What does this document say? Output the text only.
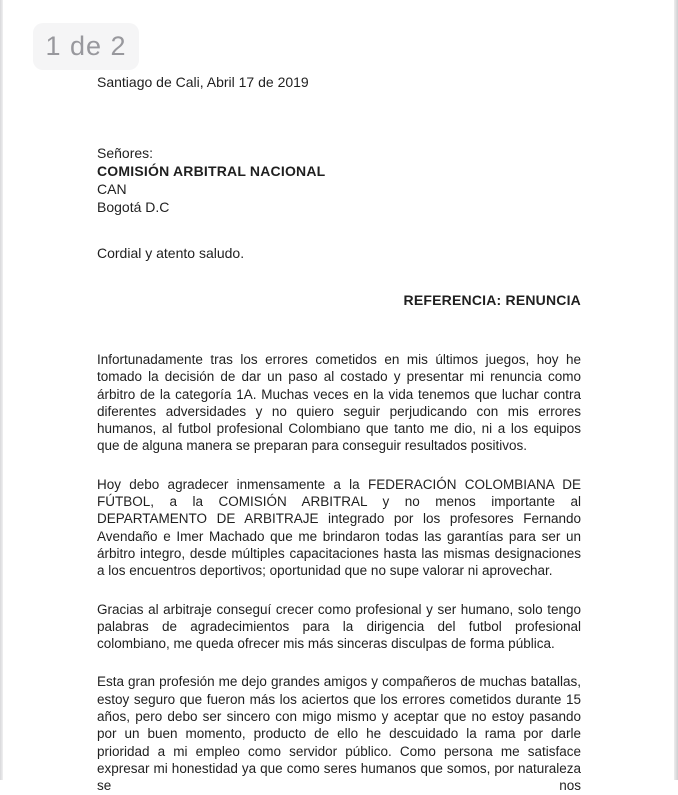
1 de 2
Santiago de Cali, Abril 17 de 2019
Señores:
COMISIÓN ARBITRAL NACIONAL
CAN
Bogotá D.C
Cordial y atento saludo.
REFERENCIA: RENUNCIA

Infortunadamente tras los errores cometidos en mis últimos juegos, hoy he tomado la decisión de dar un paso al costado y presentar mi renuncia como árbitro de la categoría 1A. Muchas veces en la vida tenemos que luchar contra diferentes adversidades y no quiero seguir perjudicando con mis errores humanos, al futbol profesional Colombiano que tanto me dio, ni a los equipos que de alguna manera se preparan para conseguir resultados positivos.

Hoy debo agradecer inmensamente a la FEDERACIÓN COLOMBIANA DE FÚTBOL, a la COMISIÓN ARBITRAL y no menos importante al DEPARTAMENTO DE ARBITRAJE integrado por los profesores Fernando Avendaño e Imer Machado que me brindaron todas las garantías para ser un árbitro integro, desde múltiples capacitaciones hasta las mismas designaciones a los encuentros deportivos; oportunidad que no supe valorar ni aprovechar.

Gracias al arbitraje conseguí crecer como profesional y ser humano, solo tengo palabras de agradecimientos para la dirigencia del futbol profesional colombiano, me queda ofrecer mis más sinceras disculpas de forma pública.

Esta gran profesión me dejo grandes amigos y compañeros de muchas batallas, estoy seguro que fueron más los aciertos que los errores cometidos durante 15 años, pero debo ser sincero con migo mismo y aceptar que no estoy pasando por un buen momento, producto de ello he descuidado la rama por darle prioridad a mi empleo como servidor público. Como persona me satisface expresar mi honestidad ya que como seres humanos que somos, por naturaleza se nos
